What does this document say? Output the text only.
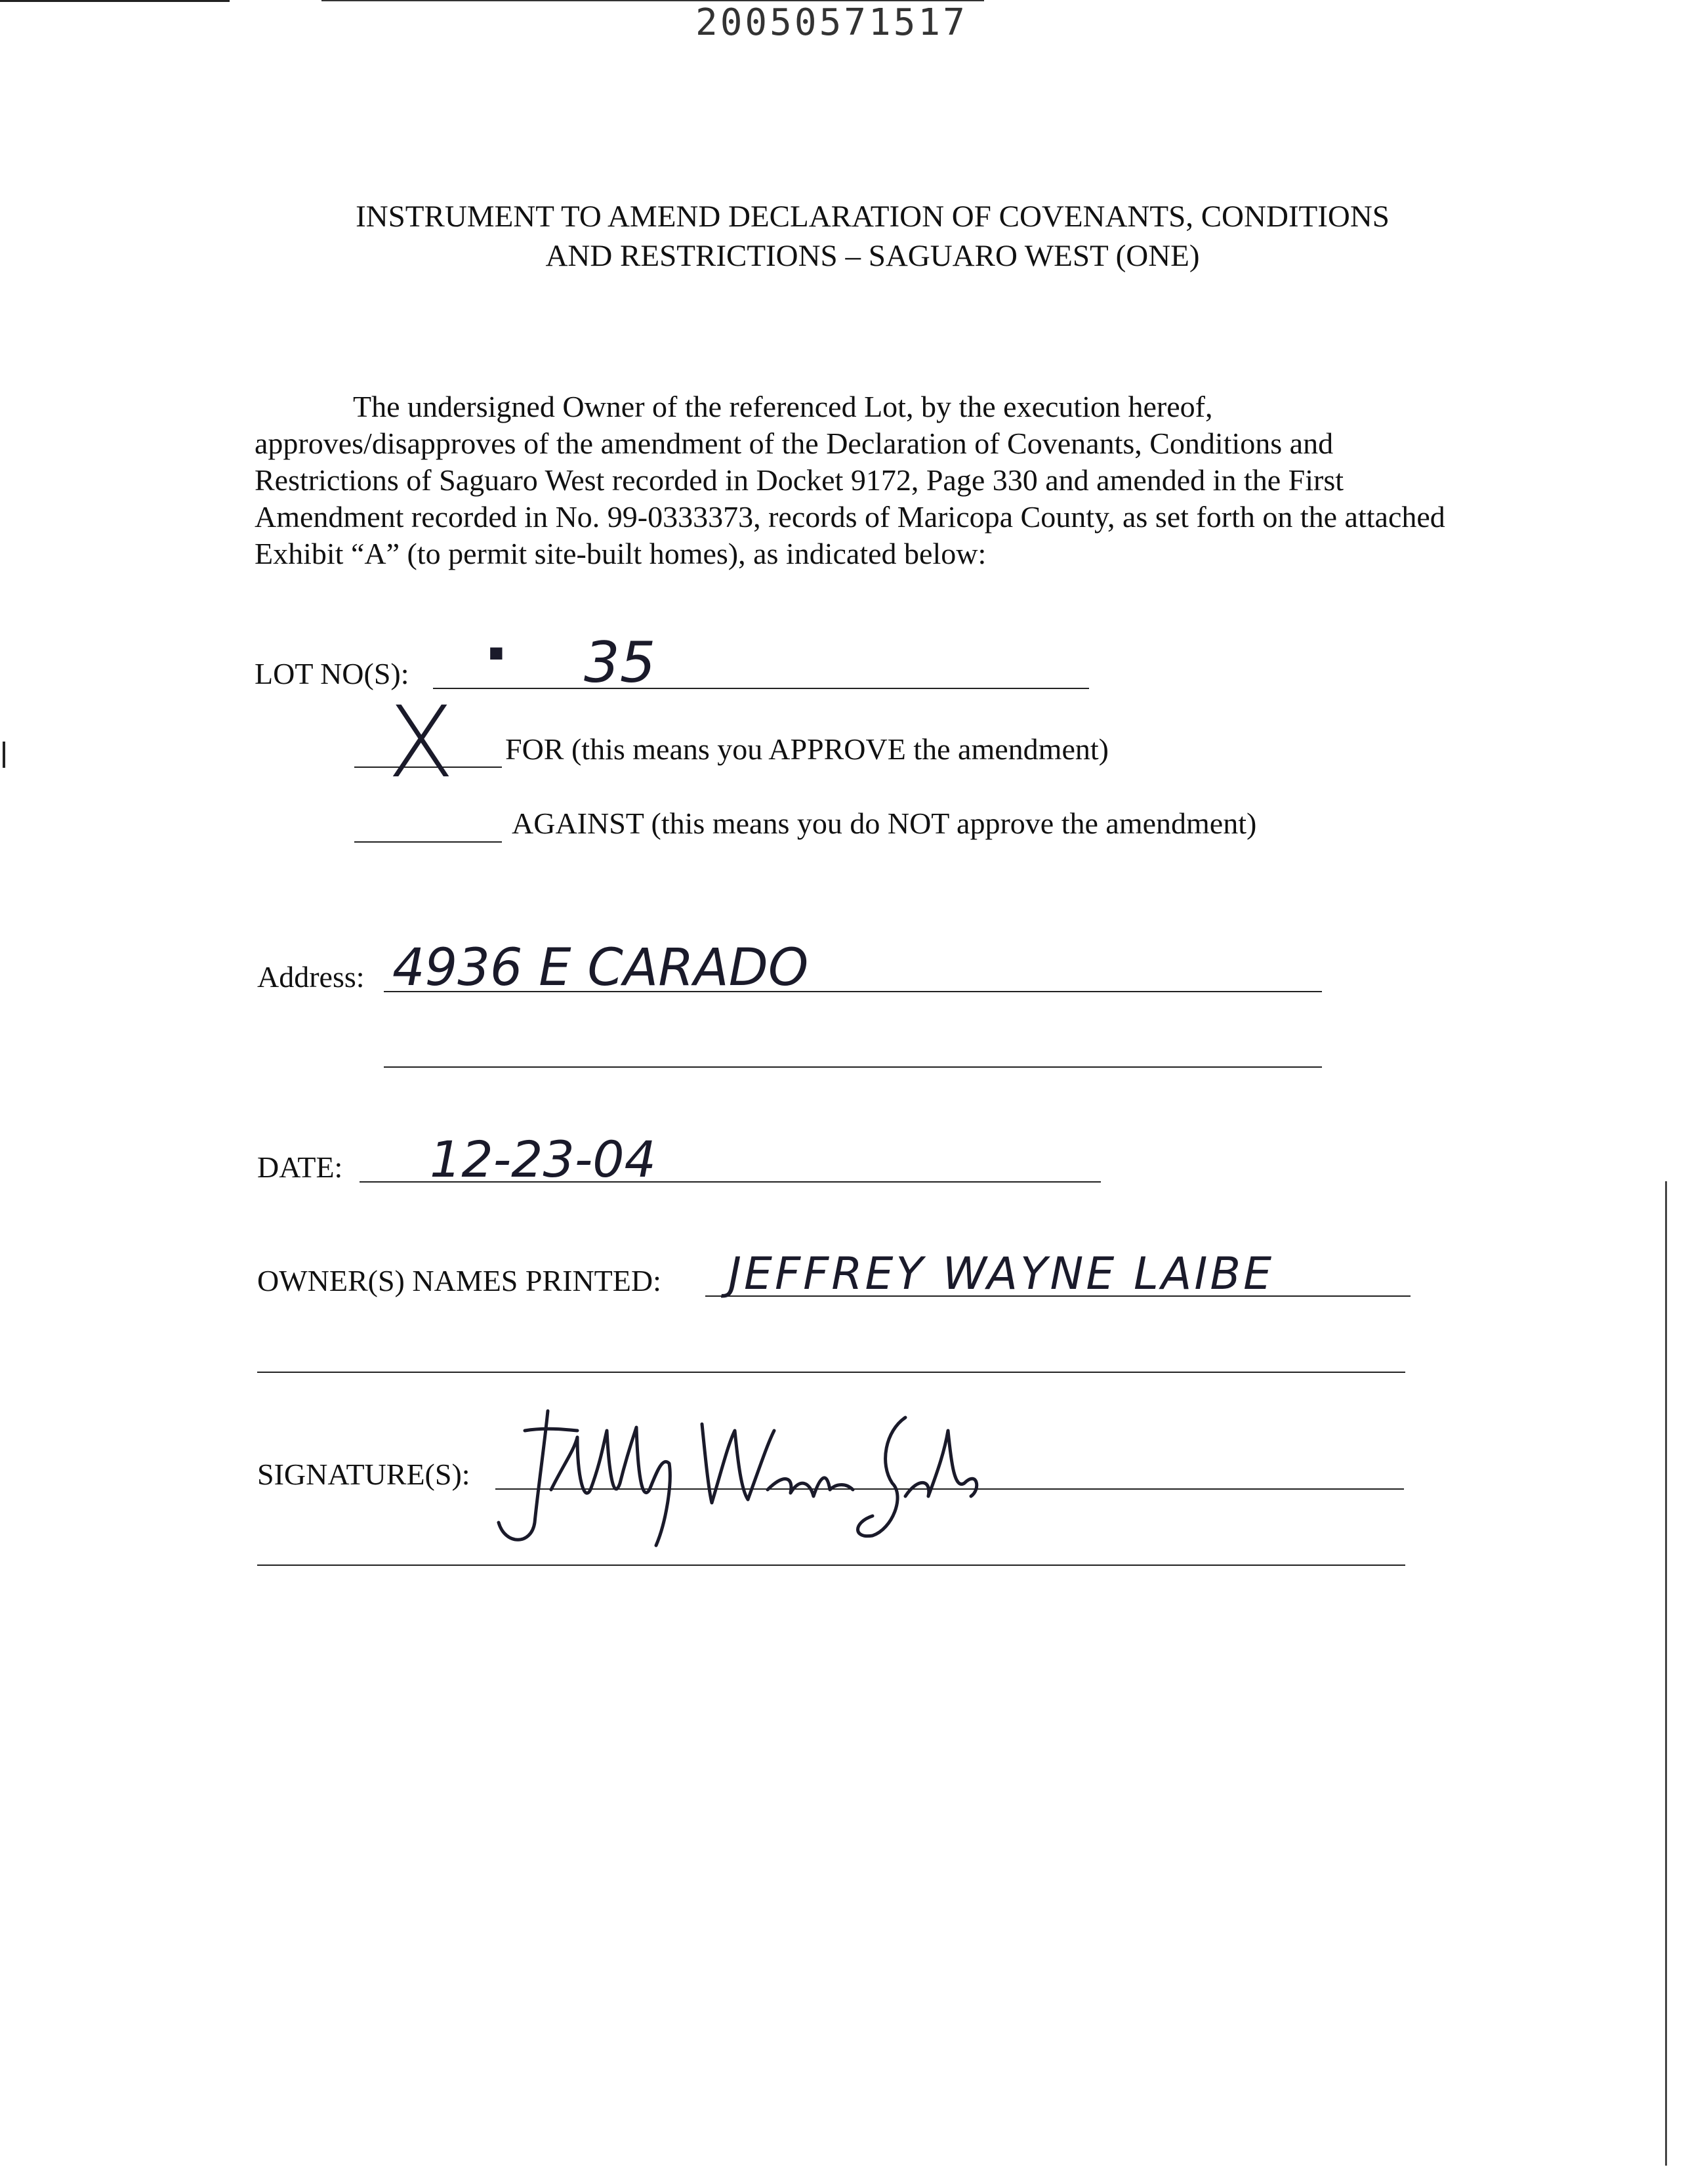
20050571517
INSTRUMENT TO AMEND DECLARATION OF COVENANTS, CONDITIONS
AND RESTRICTIONS – SAGUARO WEST (ONE)
The undersigned Owner of the referenced Lot, by the execution hereof, approves/disapproves of the amendment of the Declaration of Covenants, Conditions and Restrictions of Saguaro West recorded in Docket 9172, Page 330 and amended in the First Amendment recorded in No. 99-0333373, records of Maricopa County, as set forth on the attached Exhibit “A” (to permit site-built homes), as indicated below:
LOT NO(S):
■ 35
X FOR (this means you APPROVE the amendment)
AGAINST (this means you do NOT approve the amendment)
Address: 4936 E CARADO
DATE: 12-23-04
OWNER(S) NAMES PRINTED: JEFFREY WAYNE LAIBE
SIGNATURE(S):
